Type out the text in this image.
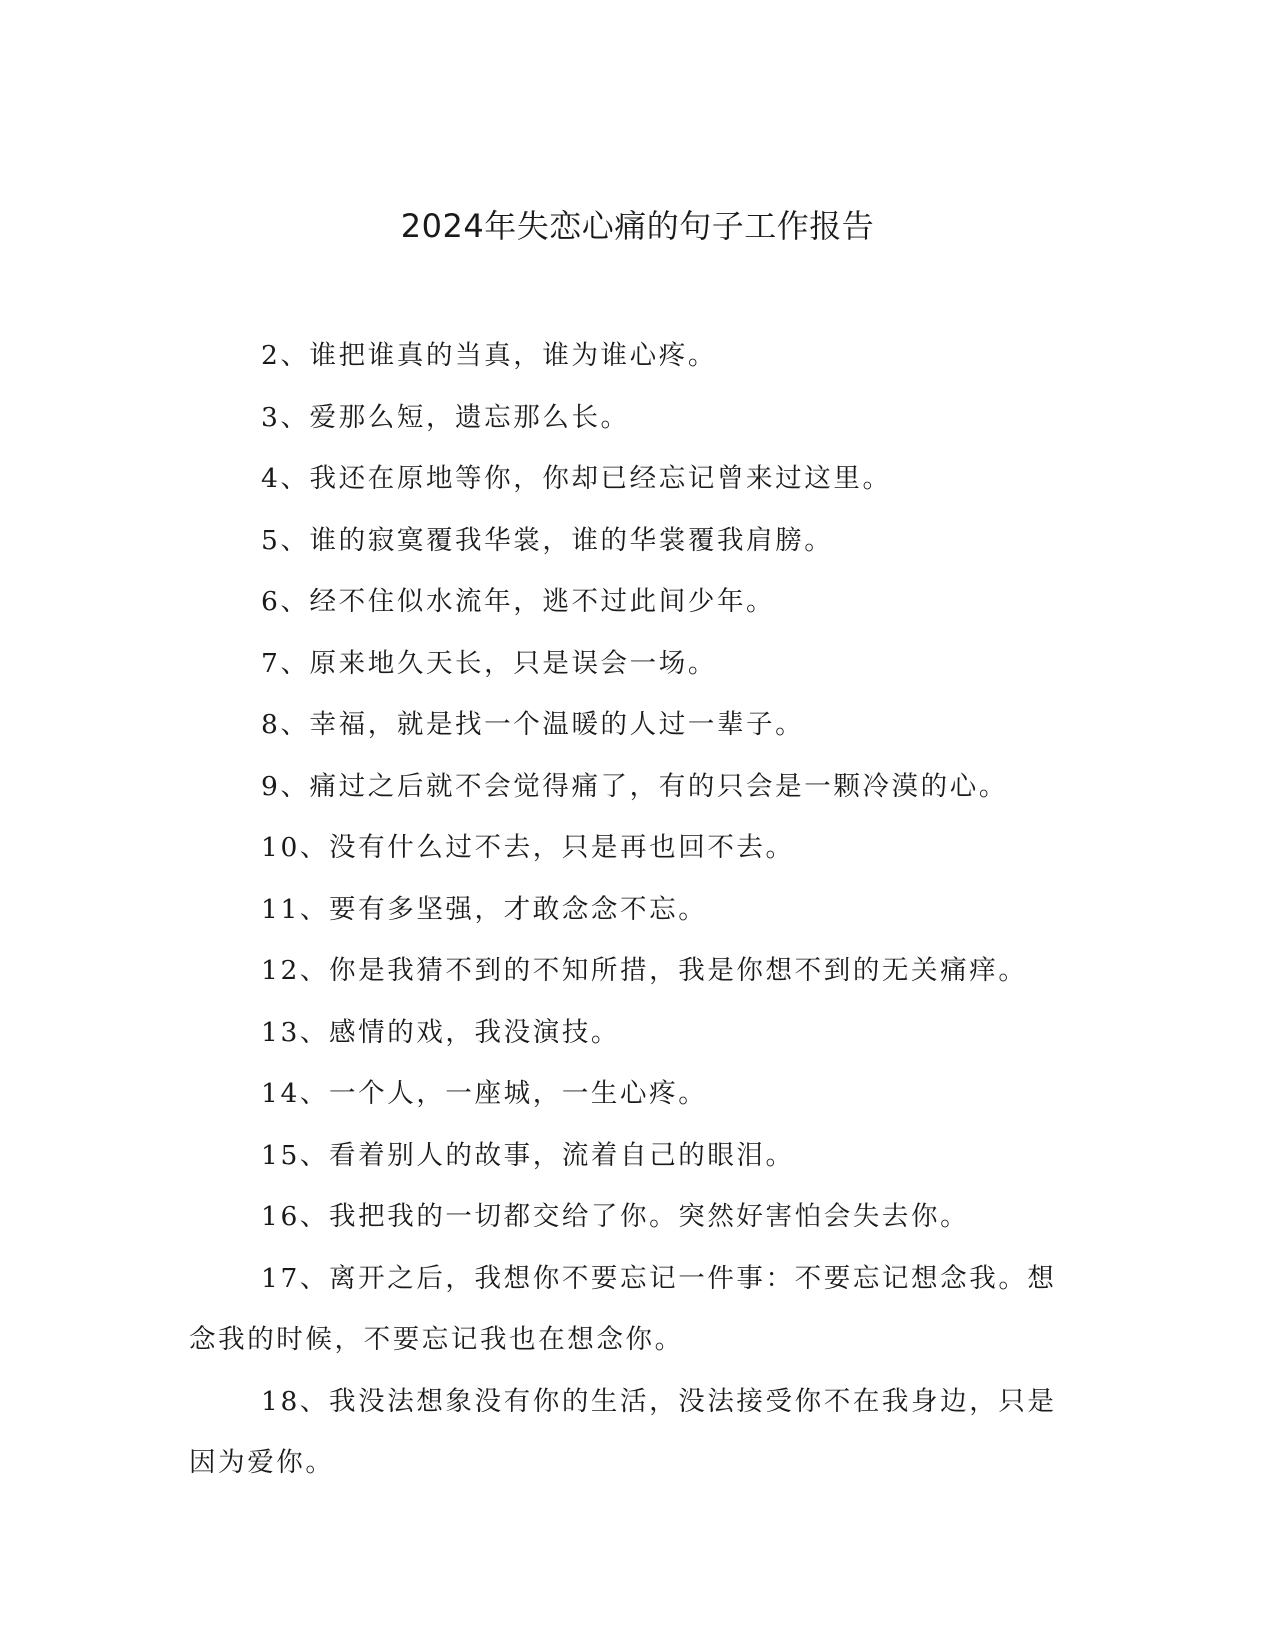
2024年失恋心痛的句子工作报告

2、谁把谁真的当真，谁为谁心疼。

3、爱那么短，遗忘那么长。

4、我还在原地等你，你却已经忘记曾来过这里。

5、谁的寂寞覆我华裳，谁的华裳覆我肩膀。

6、经不住似水流年，逃不过此间少年。

7、原来地久天长，只是误会一场。

8、幸福，就是找一个温暖的人过一辈子。

9、痛过之后就不会觉得痛了，有的只会是一颗冷漠的心。

10、没有什么过不去，只是再也回不去。

11、要有多坚强，才敢念念不忘。

12、你是我猜不到的不知所措，我是你想不到的无关痛痒。

13、感情的戏，我没演技。

14、一个人，一座城，一生心疼。

15、看着别人的故事，流着自己的眼泪。

16、我把我的一切都交给了你。突然好害怕会失去你。

17、离开之后，我想你不要忘记一件事：不要忘记想念我。想念我的时候，不要忘记我也在想念你。

18、我没法想象没有你的生活，没法接受你不在我身边，只是因为爱你。
